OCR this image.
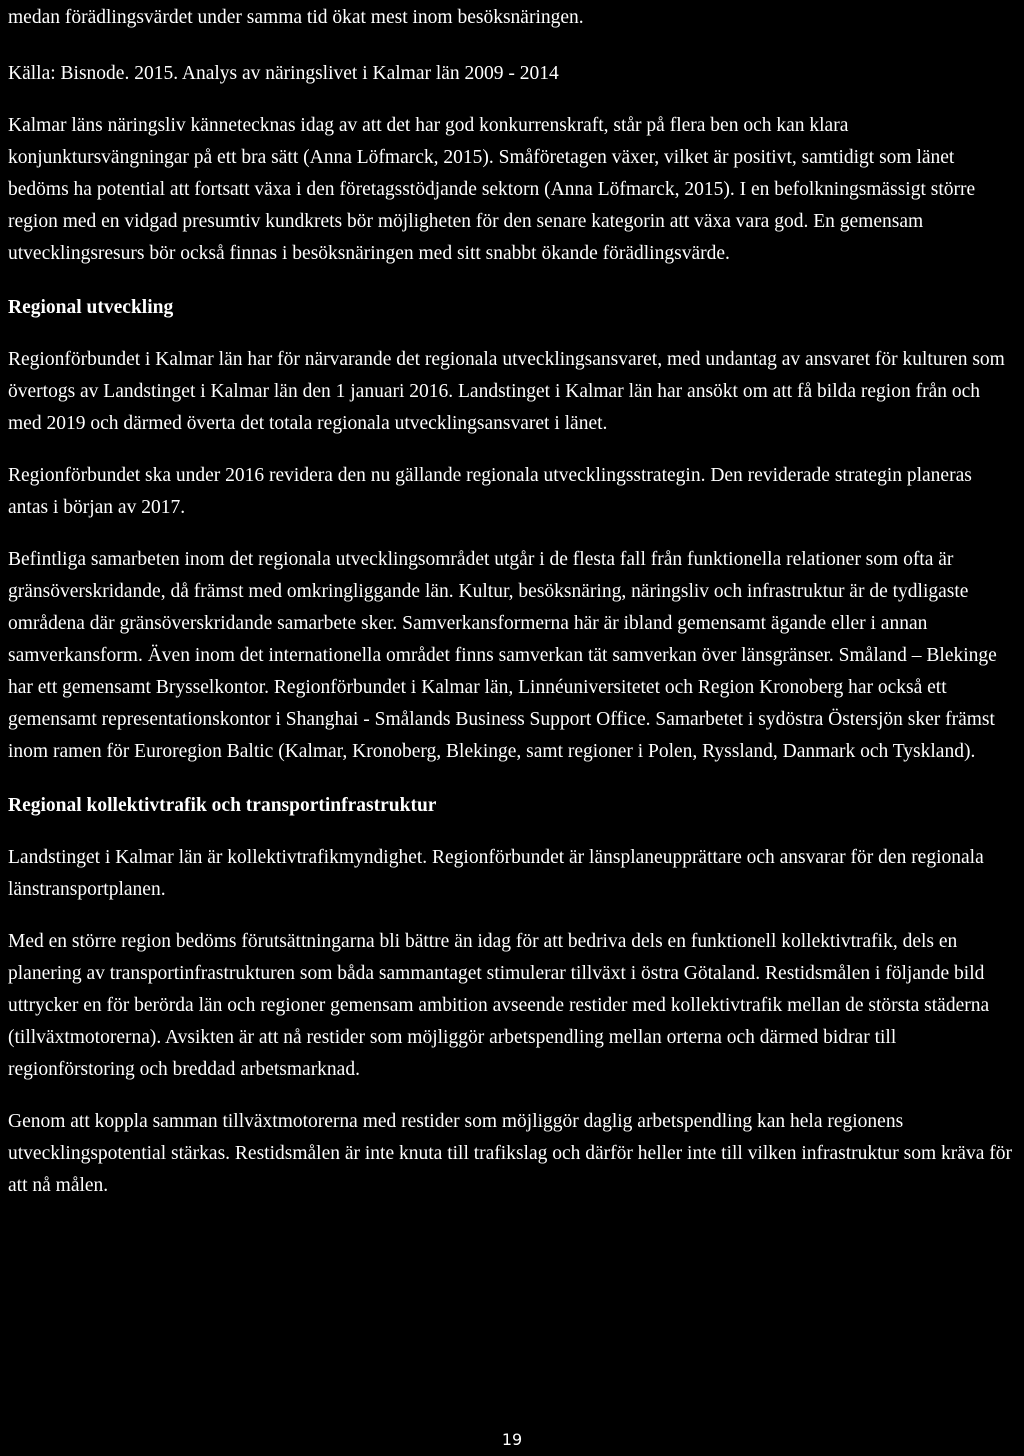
medan förädlingsvärdet under samma tid ökat mest inom besöksnäringen.

Källa: Bisnode. 2015. Analys av näringslivet i Kalmar län 2009 - 2014

Kalmar läns näringsliv kännetecknas idag av att det har god konkurrenskraft, står på flera ben och kan klara konjunktursvängningar på ett bra sätt (Anna Löfmarck, 2015). Småföretagen växer, vilket är positivt, samtidigt som länet bedöms ha potential att fortsatt växa i den företagsstödjande sektorn (Anna Löfmarck, 2015). I en befolkningsmässigt större region med en vidgad presumtiv kundkrets bör möjligheten för den senare kategorin att växa vara god. En gemensam utvecklingsresurs bör också finnas i besöksnäringen med sitt snabbt ökande förädlingsvärde.

Regional utveckling

Regionförbundet i Kalmar län har för närvarande det regionala utvecklingsansvaret, med undantag av ansvaret för kulturen som övertogs av Landstinget i Kalmar län den 1 januari 2016. Landstinget i Kalmar län har ansökt om att få bilda region från och med 2019 och därmed överta det totala regionala utvecklingsansvaret i länet.

Regionförbundet ska under 2016 revidera den nu gällande regionala utvecklingsstrategin. Den reviderade strategin planeras antas i början av 2017.

Befintliga samarbeten inom det regionala utvecklingsområdet utgår i de flesta fall från funktionella relationer som ofta är gränsöverskridande, då främst med omkringliggande län. Kultur, besöksnäring, näringsliv och infrastruktur är de tydligaste områdena där gränsöverskridande samarbete sker. Samverkansformerna här är ibland gemensamt ägande eller i annan samverkansform. Även inom det internationella området finns samverkan tät samverkan över länsgränser. Småland – Blekinge har ett gemensamt Brysselkontor. Regionförbundet i Kalmar län, Linnéuniversitetet och Region Kronoberg har också ett gemensamt representationskontor i Shanghai - Smålands Business Support Office. Samarbetet i sydöstra Östersjön sker främst inom ramen för Euroregion Baltic (Kalmar, Kronoberg, Blekinge, samt regioner i Polen, Ryssland, Danmark och Tyskland).

Regional kollektivtrafik och transportinfrastruktur

Landstinget i Kalmar län är kollektivtrafikmyndighet. Regionförbundet är länsplaneupprättare och ansvarar för den regionala länstransportplanen.

Med en större region bedöms förutsättningarna bli bättre än idag för att bedriva dels en funktionell kollektivtrafik, dels en planering av transportinfrastrukturen som båda sammantaget stimulerar tillväxt i östra Götaland. Restidsmålen i följande bild uttrycker en för berörda län och regioner gemensam ambition avseende restider med kollektivtrafik mellan de största städerna (tillväxtmotorerna). Avsikten är att nå restider som möjliggör arbetspendling mellan orterna och därmed bidrar till regionförstoring och breddad arbetsmarknad.

Genom att koppla samman tillväxtmotorerna med restider som möjliggör daglig arbetspendling kan hela regionens utvecklingspotential stärkas. Restidsmålen är inte knuta till trafikslag och därför heller inte till vilken infrastruktur som kräva för att nå målen.

19
